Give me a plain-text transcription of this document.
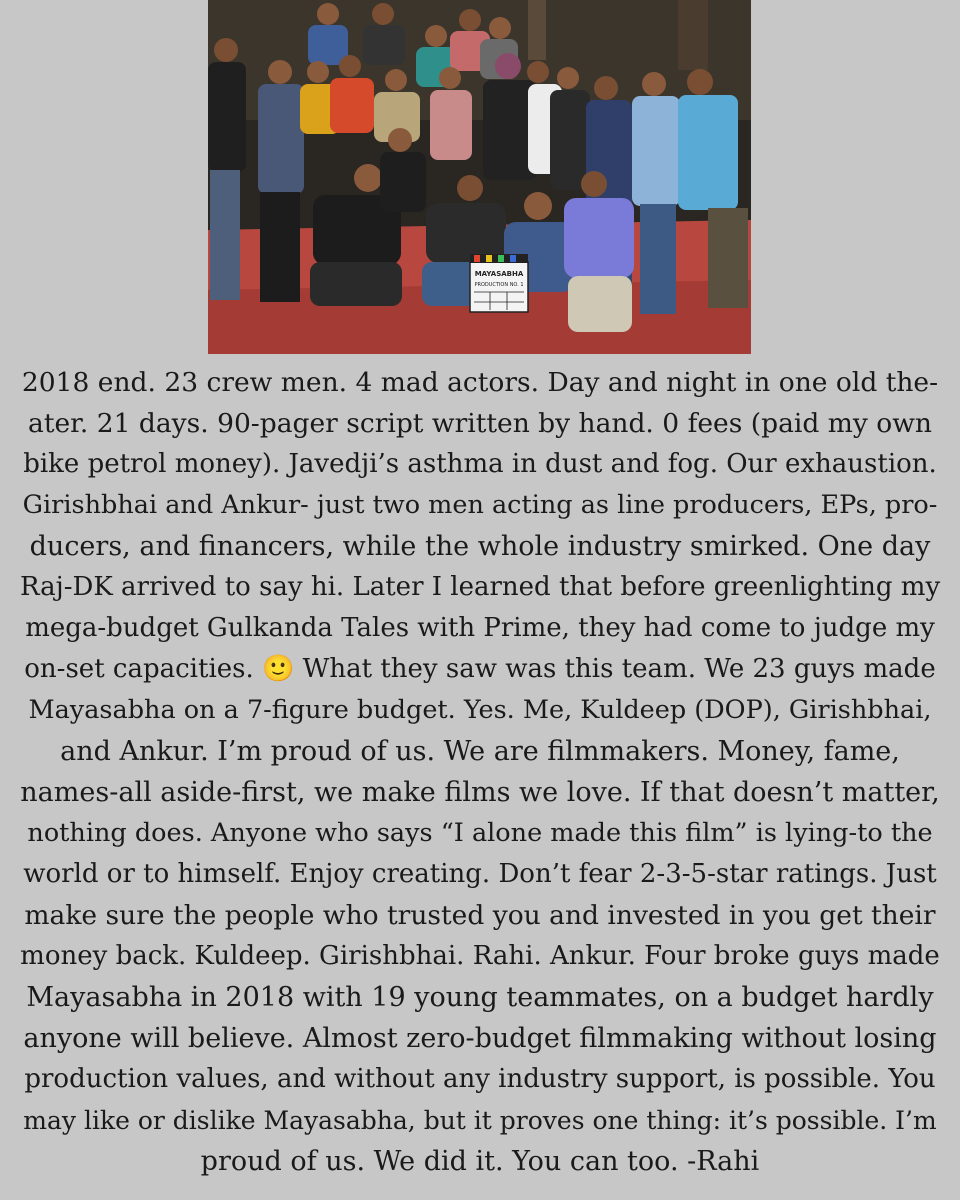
MAYASABHA
PRODUCTION NO. 1

2018 end. 23 crew men. 4 mad actors. Day and night in one old the-
ater. 21 days. 90-pager script written by hand. 0 fees (paid my own
bike petrol money). Javedji’s asthma in dust and fog. Our exhaustion.
Girishbhai and Ankur- just two men acting as line producers, EPs, pro-
ducers, and financers, while the whole industry smirked. One day
Raj-DK arrived to say hi. Later I learned that before greenlighting my
mega-budget Gulkanda Tales with Prime, they had come to judge my
on-set capacities. 🙂 What they saw was this team. We 23 guys made
Mayasabha on a 7-figure budget. Yes. Me, Kuldeep (DOP), Girishbhai,
and Ankur. I’m proud of us. We are filmmakers. Money, fame,
names-all aside-first, we make films we love. If that doesn’t matter,
nothing does. Anyone who says “I alone made this film” is lying-to the
world or to himself. Enjoy creating. Don’t fear 2-3-5-star ratings. Just
make sure the people who trusted you and invested in you get their
money back. Kuldeep. Girishbhai. Rahi. Ankur. Four broke guys made
Mayasabha in 2018 with 19 young teammates, on a budget hardly
anyone will believe. Almost zero-budget filmmaking without losing
production values, and without any industry support, is possible. You
may like or dislike Mayasabha, but it proves one thing: it’s possible. I’m
proud of us. We did it. You can too. -Rahi
